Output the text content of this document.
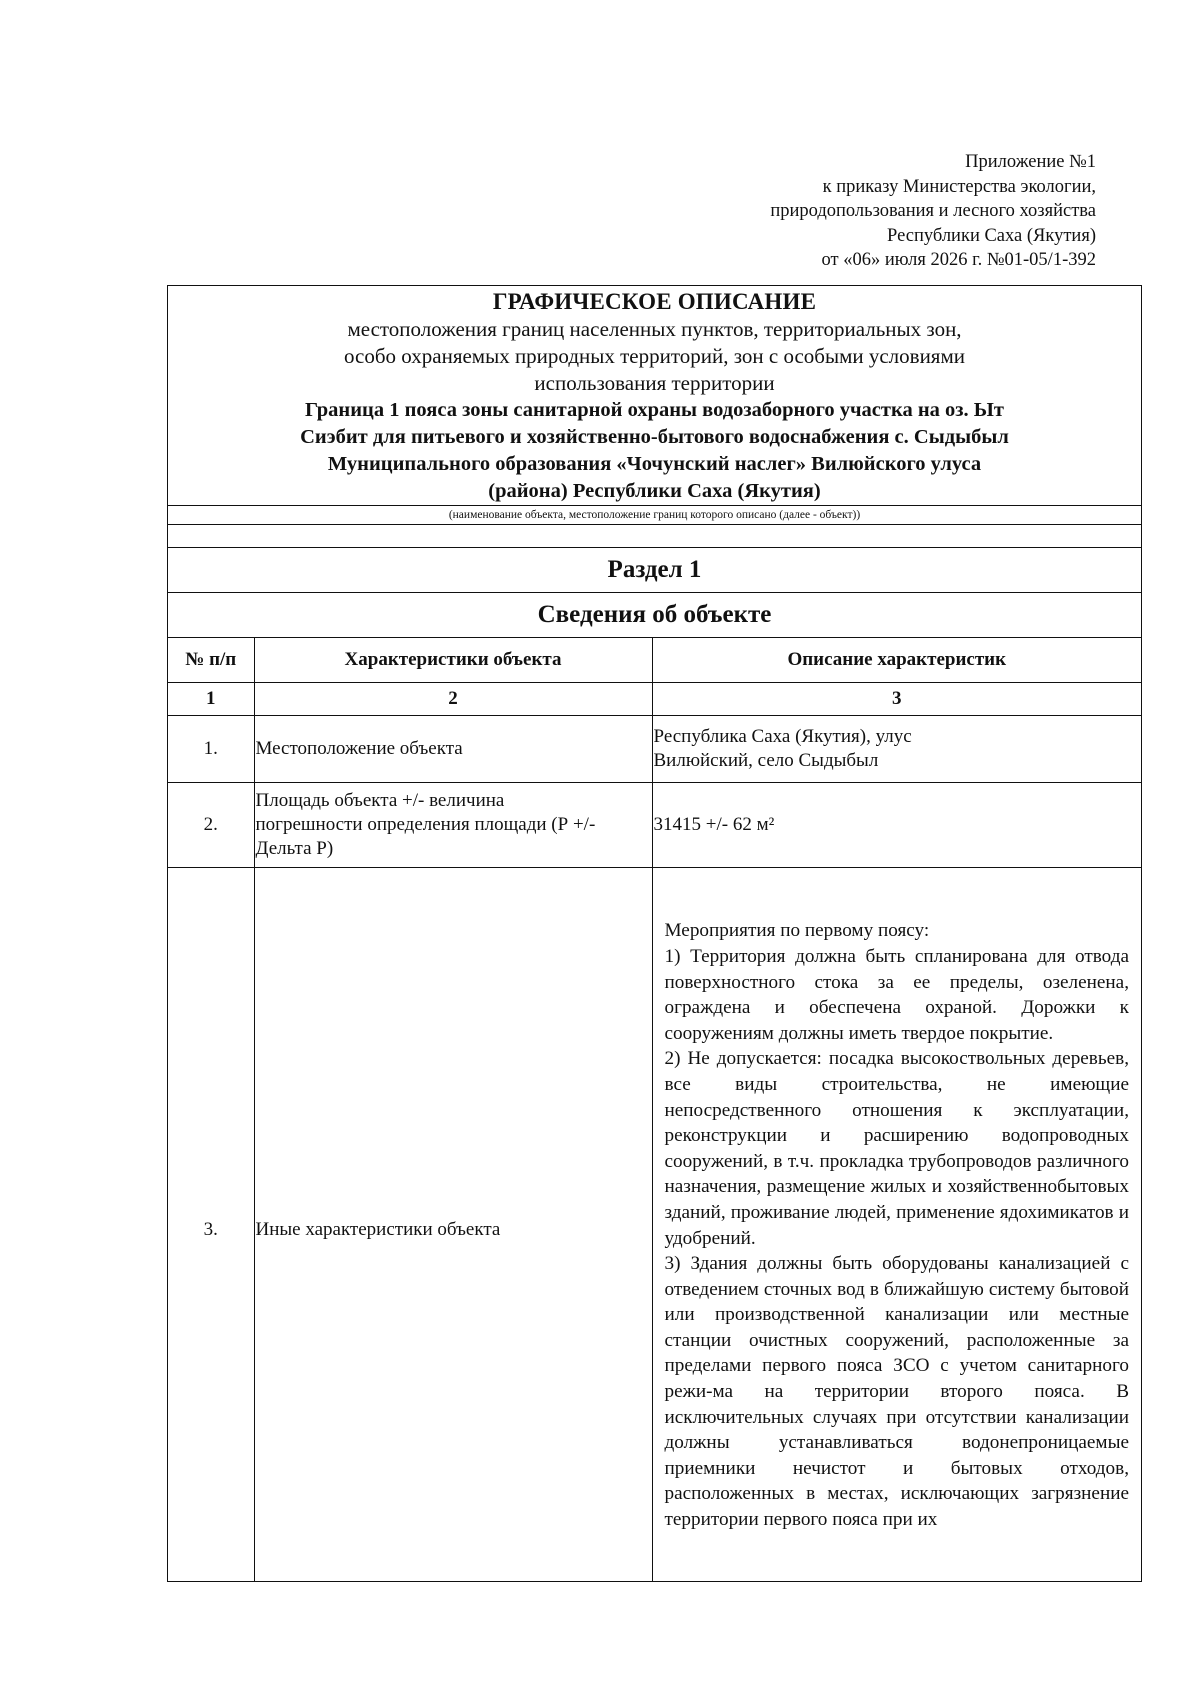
Приложение №1
к приказу Министерства экологии,
природопользования и лесного хозяйства
Республики Саха (Якутия)
от «06» июля 2026 г. №01-05/1-392
ГРАФИЧЕСКОЕ ОПИСАНИЕ
местоположения границ населенных пунктов, территориальных зон,
особо охраняемых природных территорий, зон с особыми условиями
использования территории
Граница 1 пояса зоны санитарной охраны водозаборного участка на оз. Ыт
Сиэбит для питьевого и хозяйственно-бытового водоснабжения с. Сыдыбыл
Муниципального образования «Чочунский наслег» Вилюйского улуса
(района) Республики Саха (Якутия)
(наименование объекта, местоположение границ которого описано (далее - объект))
Раздел 1
Сведения об объекте
№ п/п	Характеристики объекта	Описание характеристик
1	2	3
1.	Местоположение объекта	Республика Саха (Якутия), улус
Вилюйский, село Сыдыбыл

2.	Площадь объекта +/- величина
погрешности определения площади (Р +/-
Дельта Р)	31415 +/- 62 м²
3.	Иные характеристики объекта	Мероприятия по первому поясу:

1) Территория должна быть спланирована для отвода поверхностного стока за ее пределы, озеленена, ограждена и обеспечена охраной. Дорожки к сооружениям должны иметь твердое покрытие.

2) Не допускается: посадка высокоствольных деревьев, все виды строительства, не имеющие непосредственного отношения к эксплуатации, реконструкции и расширению водопроводных сооружений, в т.ч. прокладка трубопроводов различного назначения, размещение жилых и хозяйственнобытовых зданий, проживание людей, применение ядохимикатов и удобрений.

3) Здания должны быть оборудованы канализацией с отведением сточных вод в ближайшую систему бытовой или производственной канализации или местные станции очистных сооружений, расположенные за пределами первого пояса ЗСО с учетом санитарного режи-ма на территории второго пояса. В исключительных случаях при отсутствии канализации должны устанавливаться водонепроницаемые приемники нечистот и бытовых отходов, расположенных в местах, исключающих загрязнение территории первого пояса при их
